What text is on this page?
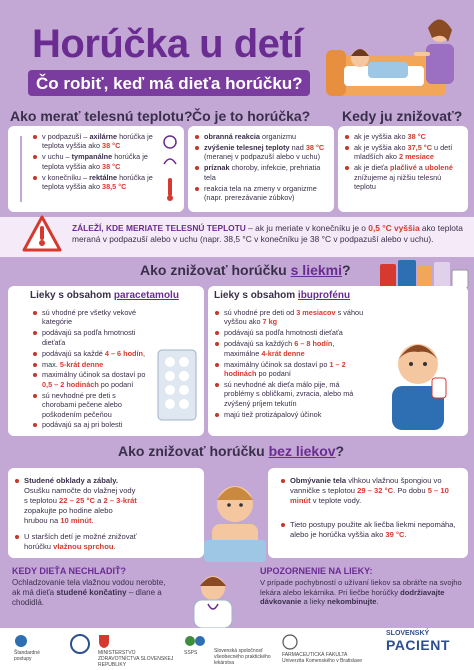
Horúčka u detí
Čo robiť, keď má dieťa horúčku?
Ako merať telesnú teplotu? Čo je to horúčka? Kedy ju znižovať?
v podpazuší – axilárne horúčka je teplota vyššia ako 38 °C
v uchu – tympanálne horúčka je teplota vyššia ako 38 °C
v konečníku – rektálne horúčka je teplota vyššia ako 38,5 °C
obranná reakcia organizmu
zvýšenie telesnej teploty nad 38 °C (meranej v podpazuší alebo v uchu)
príznak choroby, infekcie, prehriatia tela
reakcia tela na zmeny v organizme (napr. prerezávanie zúbkov)
ak je vyššia ako 38 °C
ak je vyššia ako 37,5 °C u detí mladších ako 2 mesiace
ak je dieťa plačlivé a ubolené znížujeme aj nižšiu telesnú teplotu
ZÁLEŽÍ, KDE MERIATE TELESNÚ TEPLOTU – ak ju meriate v konečníku je o 0,5 °C vyššia ako teplota meraná v podpazuší alebo v uchu (napr. 38,5 °C v konečníku je 38 °C v podpazuší alebo v uchu).
Ako znižovať horúčku s liekmi?
Lieky s obsahom paracetamolu
sú vhodné pre všetky vekové kategórie
podávajú sa podľa hmotnosti dieťaťa
podávajú sa každé 4 – 6 hodín,
max. 5-krát denne
maximálny účinok sa dostaví po 0,5 – 2 hodinách po podaní
sú nevhodné pre deti s chorobami pečene alebo poškodením pečeňou
podávajú sa aj pri bolesti
Lieky s obsahom ibuprofénu
sú vhodné pre deti od 3 mesiacov s váhou vyššou ako 7 kg
podávajú sa podľa hmotnosti dieťaťa
podávajú sa každých 6 – 8 hodín, maximálne 4-krát denne
maximálny účinok sa dostaví po 1 – 2 hodinách po podaní
sú nevhodné ak dieťa málo pije, má problémy s obličkami, zvracia, alebo má zvýšený príjem tekutín
majú tiež protizápalový účinok
Ako znižovať horúčku bez liekov?
Studené obklady a zábaly. Osušku namočte do vlažnej vody s teplotou 22 – 25 °C a 2 – 3-krát zopakujte po hodine alebo hrubou na 10 minút.
U starších detí je možné znižovať horúčku vlažnou sprchou.
Obmývanie tela vlhkou vlažnou špongiou vo vanničke s teplotou 29 – 32 °C. Po dobu 5 – 10 minút v teplote vody.
Tieto postupy použite ak liečba liekmi nepomáha, alebo je horúčka vyššia ako 39 °C.
KEDY DIEŤA NECHLADIŤ?
Ochladzovanie tela vlažnou vodou nerobte, ak má dieťa studené končatiny – dlane a chodidlá.
UPOZORNENIE NA LIEKY:
V prípade pochybností o užívaní liekov sa obráťte na svojho lekára alebo lekárnika. Pri liečbe horúčky dodržiavajte dávkovanie a lieky nekombinujte.
Štandardné postupy
MINISTERSTVO ZDRAVOTNÍCTVA SLOVENSKEJ REPUBLIKY
SSPS	Slovenská spoločnosť všeobecného praktického lekárstva
FARMACEUTICKÁ FAKULTA Univerzita Komenského v Bratislave
SLOVENSKÝ
PACIENT
